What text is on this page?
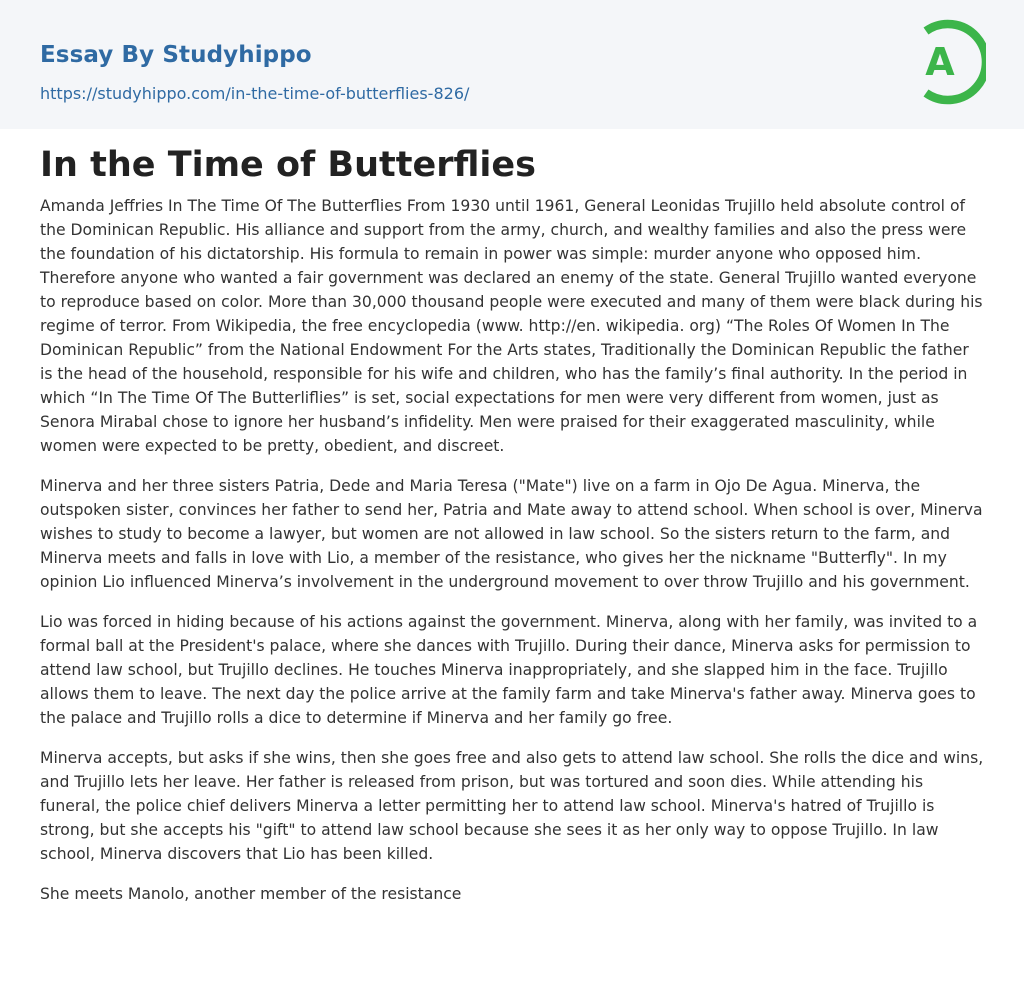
Essay By Studyhippo
https://studyhippo.com/in-the-time-of-butterflies-826/
A
In the Time of Butterflies

Amanda Jeffries In The Time Of The Butterflies From 1930 until 1961, General Leonidas Trujillo held absolute control of the Dominican Republic. His alliance and support from the army, church, and wealthy families and also the press were the foundation of his dictatorship. His formula to remain in power was simple: murder anyone who opposed him. Therefore anyone who wanted a fair government was declared an enemy of the state. General Trujillo wanted everyone to reproduce based on color. More than 30,000 thousand people were executed and many of them were black during his regime of terror. From Wikipedia, the free encyclopedia (www. http://en. wikipedia. org) “The Roles Of Women In The Dominican Republic” from the National Endowment For the Arts states, Traditionally the Dominican Republic the father is the head of the household, responsible for his wife and children, who has the family’s final authority. In the period in which “In The Time Of The Butterliflies” is set, social expectations for men were very different from women, just as Senora Mirabal chose to ignore her husband’s infidelity. Men were praised for their exaggerated masculinity, while women were expected to be pretty, obedient, and discreet.

Minerva and her three sisters Patria, Dede and Maria Teresa ("Mate") live on a farm in Ojo De Agua. Minerva, the outspoken sister, convinces her father to send her, Patria and Mate away to attend school. When school is over, Minerva wishes to study to become a lawyer, but women are not allowed in law school. So the sisters return to the farm, and Minerva meets and falls in love with Lio, a member of the resistance, who gives her the nickname "Butterfly". In my opinion Lio influenced Minerva’s involvement in the underground movement to over throw Trujillo and his government.

Lio was forced in hiding because of his actions against the government. Minerva, along with her family, was invited to a formal ball at the President's palace, where she dances with Trujillo. During their dance, Minerva asks for permission to attend law school, but Trujillo declines. He touches Minerva inappropriately, and she slapped him in the face. Trujillo allows them to leave. The next day the police arrive at the family farm and take Minerva's father away. Minerva goes to the palace and Trujillo rolls a dice to determine if Minerva and her family go free.

Minerva accepts, but asks if she wins, then she goes free and also gets to attend law school. She rolls the dice and wins, and Trujillo lets her leave. Her father is released from prison, but was tortured and soon dies. While attending his funeral, the police chief delivers Minerva a letter permitting her to attend law school. Minerva's hatred of Trujillo is strong, but she accepts his "gift" to attend law school because she sees it as her only way to oppose Trujillo. In law school, Minerva discovers that Lio has been killed.

She meets Manolo, another member of the resistance
